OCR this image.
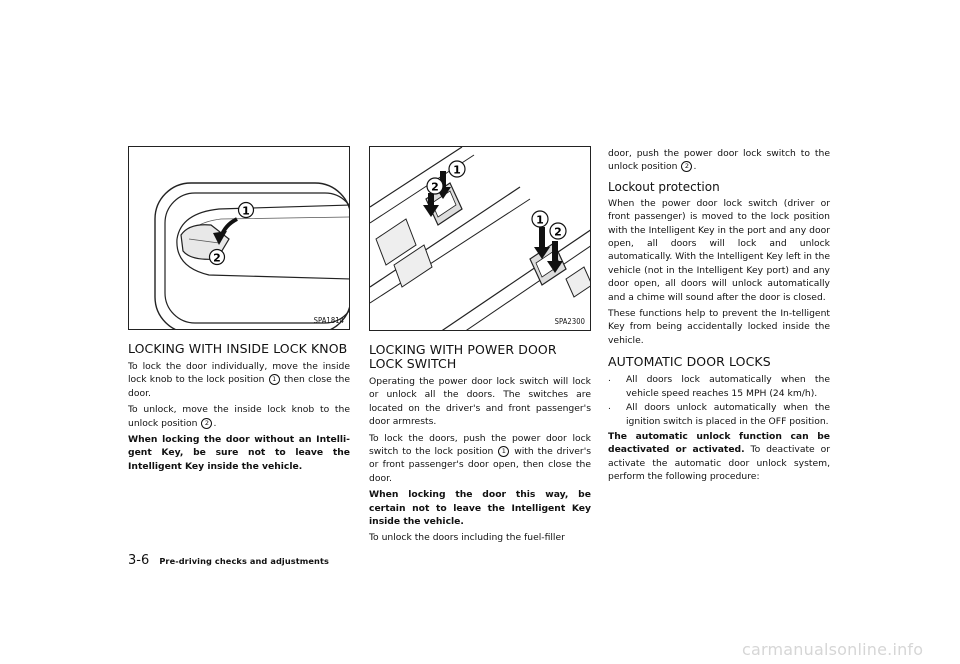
1
2
SPA1814
LOCKING WITH INSIDE LOCK KNOB

To lock the door individually, move the inside lock knob to the lock position 1 then close the door.

To unlock, move the inside lock knob to the unlock position 2 .

When locking the door without an Intelli-gent Key, be sure not to leave the Intelligent Key inside the vehicle.

1
2
1
2
SPA2300
LOCKING WITH POWER DOOR LOCK SWITCH

Operating the power door lock switch will lock or unlock all the doors. The switches are located on the driver's and front passenger's door armrests.

To lock the doors, push the power door lock switch to the lock position 1 with the driver's or front passenger's door open, then close the door.

When locking the door this way, be certain not to leave the Intelligent Key inside the vehicle.

To unlock the doors including the fuel-filler

door, push the power door lock switch to the unlock position 2 .

Lockout protection

When the power door lock switch (driver or front passenger) is moved to the lock position with the Intelligent Key in the port and any door open, all doors will lock and unlock automatically. With the Intelligent Key left in the vehicle (not in the Intelligent Key port) and any door open, all doors will unlock automatically and a chime will sound after the door is closed.

These functions help to prevent the In-telligent Key from being accidentally locked inside the vehicle.

AUTOMATIC DOOR LOCKS
. All doors lock automatically when the vehicle speed reaches 15 MPH (24 km/h).
. All doors unlock automatically when the ignition switch is placed in the OFF position.

The automatic unlock function can be deactivated or activated. To deactivate or activate the automatic door unlock system, perform the following procedure:

3-6 Pre-driving checks and adjustments
carmanualsonline.info
